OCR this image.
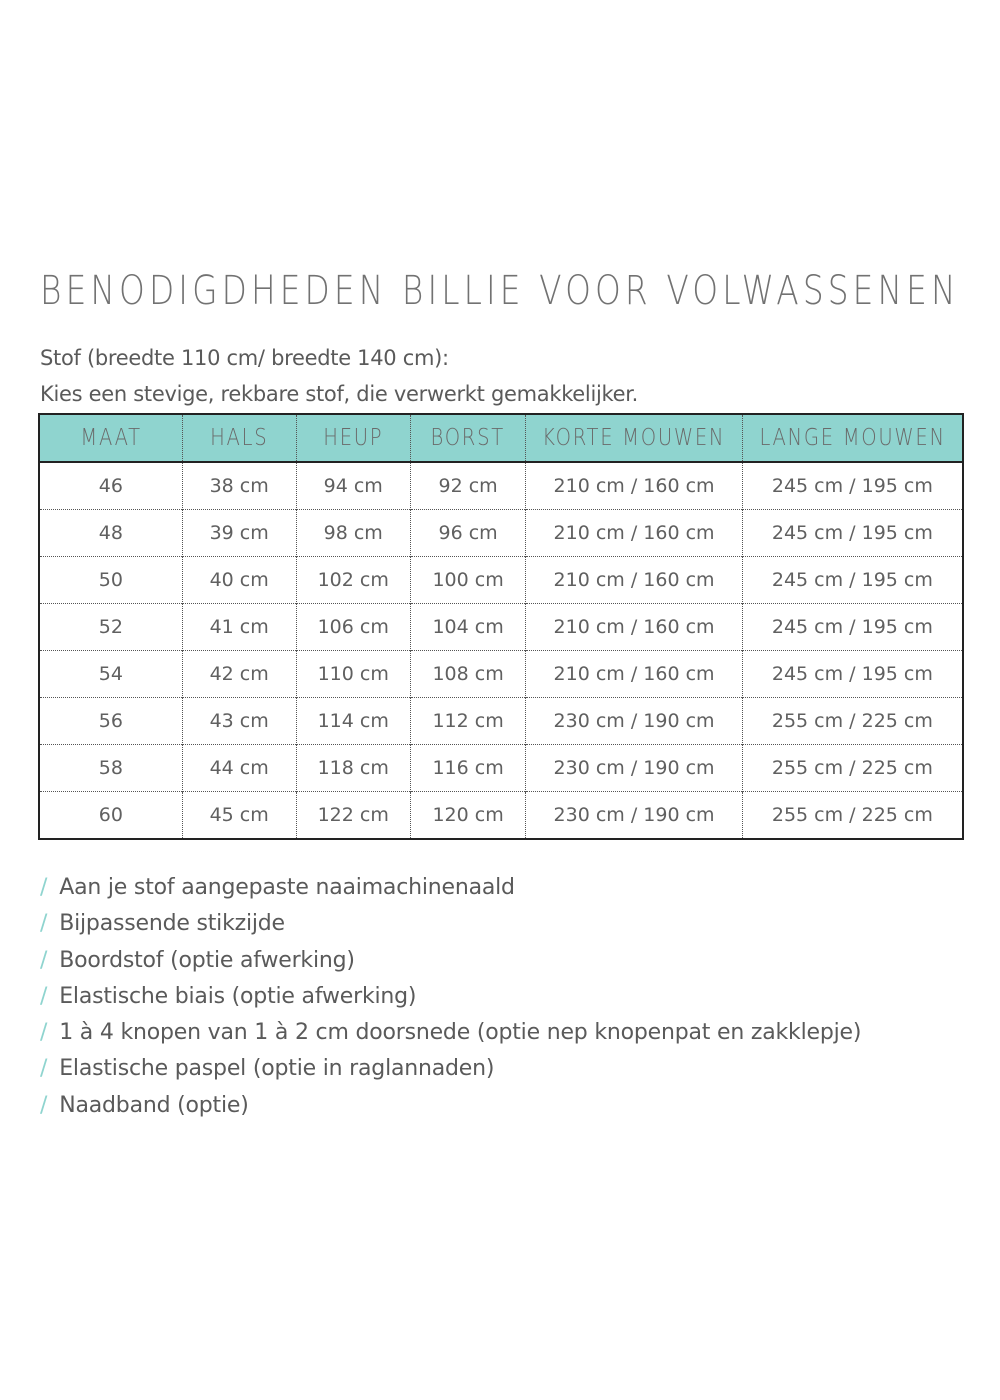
BENODIGDHEDEN BILLIE VOOR VOLWASSENEN
Stof (breedte 110 cm/ breedte 140 cm):
Kies een stevige, rekbare stof, die verwerkt gemakkelijker.
MAAT	HALS	HEUP	BORST	KORTE MOUWEN	LANGE MOUWEN
46	38 cm	94 cm	92 cm	210 cm / 160 cm	245 cm / 195 cm
48	39 cm	98 cm	96 cm	210 cm / 160 cm	245 cm / 195 cm
50	40 cm	102 cm	100 cm	210 cm / 160 cm	245 cm / 195 cm
52	41 cm	106 cm	104 cm	210 cm / 160 cm	245 cm / 195 cm
54	42 cm	110 cm	108 cm	210 cm / 160 cm	245 cm / 195 cm
56	43 cm	114 cm	112 cm	230 cm / 190 cm	255 cm / 225 cm
58	44 cm	118 cm	116 cm	230 cm / 190 cm	255 cm / 225 cm
60	45 cm	122 cm	120 cm	230 cm / 190 cm	255 cm / 225 cm
/ Aan je stof aangepaste naaimachinenaald
/ Bijpassende stikzijde
/ Boordstof (optie afwerking)
/ Elastische biais (optie afwerking)
/ 1 à 4 knopen van 1 à 2 cm doorsnede (optie nep knopenpat en zakklepje)
/ Elastische paspel (optie in raglannaden)
/ Naadband (optie)
